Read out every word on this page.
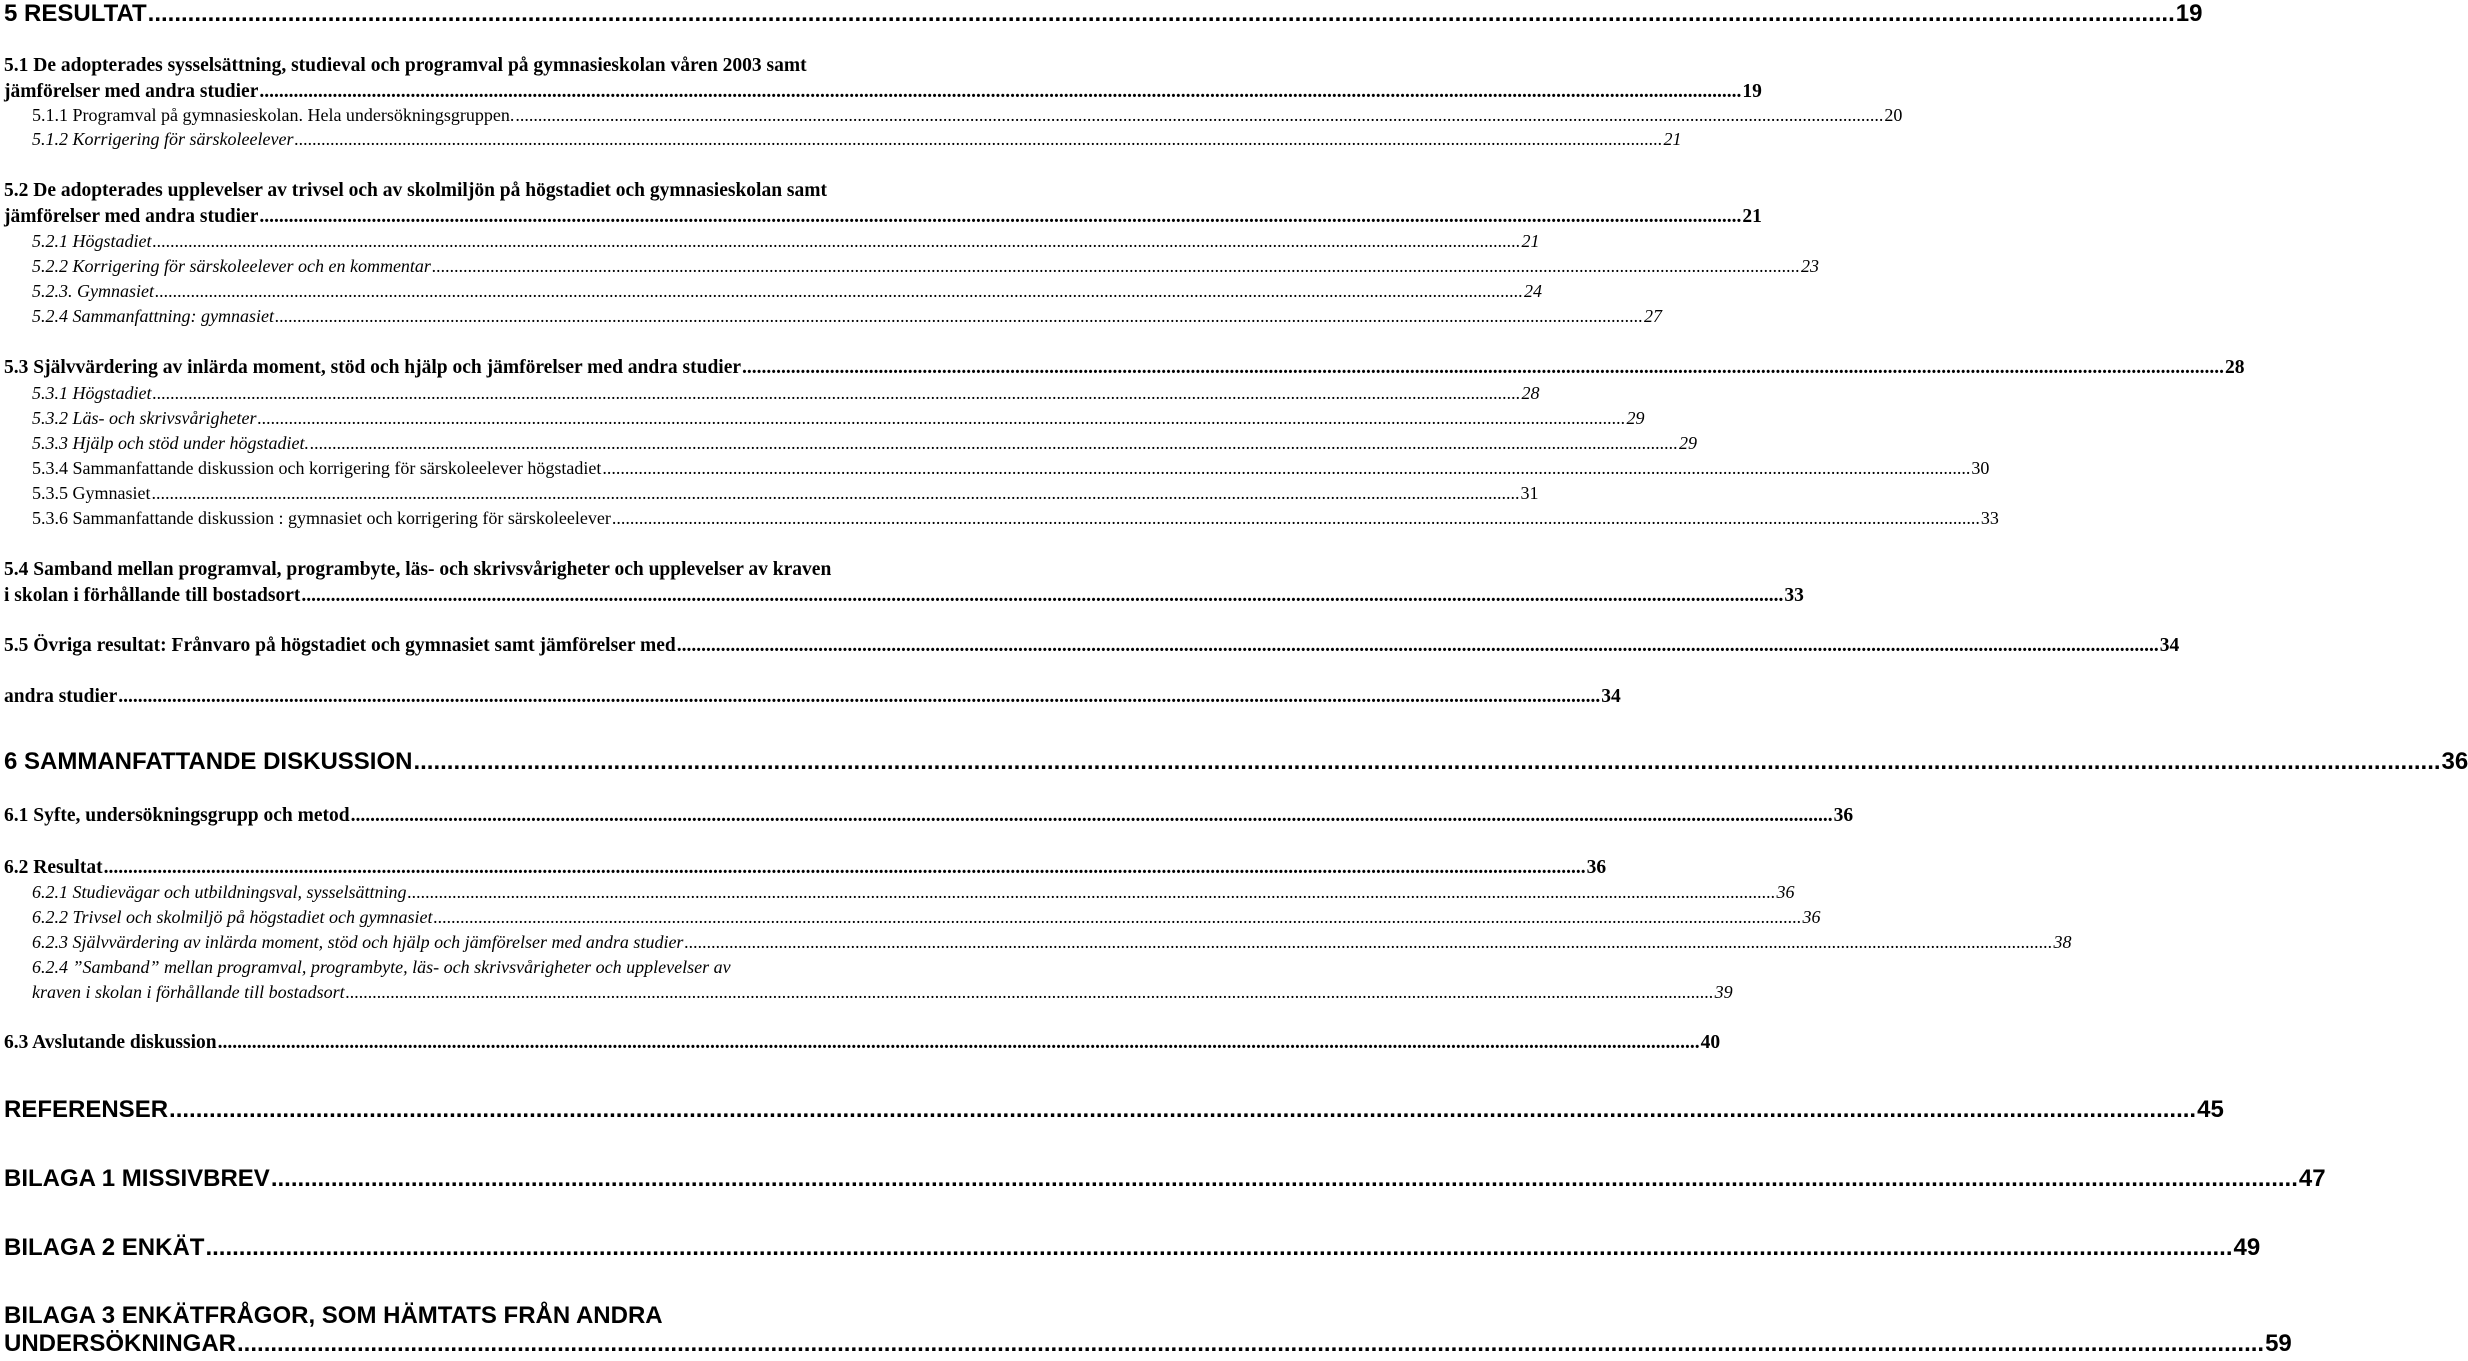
5 RESULTAT .....	19
5.1 De adopterades sysselsättning, studieval och programval på gymnasieskolan våren 2003 samt
jämförelser med andra studier .....	19
5.1.1 Programval på gymnasieskolan. Hela undersökningsgruppen. .....	20
5.1.2 Korrigering för särskoleelever .....	21
5.2 De adopterades upplevelser av trivsel och av skolmiljön på högstadiet och gymnasieskolan samt
jämförelser med andra studier .....	21
5.2.1 Högstadiet .....	21
5.2.2 Korrigering för särskoleelever och en kommentar .....	23
5.2.3. Gymnasiet .....	24
5.2.4 Sammanfattning: gymnasiet .....	27
5.3 Självvärdering av inlärda moment, stöd och hjälp och jämförelser med andra studier .....	28
5.3.1 Högstadiet .....	28
5.3.2 Läs- och skrivsvårigheter .....	29
5.3.3 Hjälp och stöd under högstadiet. .....	29
5.3.4 Sammanfattande diskussion och korrigering för särskoleelever högstadiet .....	30
5.3.5 Gymnasiet .....	31
5.3.6 Sammanfattande diskussion : gymnasiet och korrigering för särskoleelever .....	33
5.4 Samband mellan programval, programbyte, läs- och skrivsvårigheter och upplevelser av kraven
i skolan i förhållande till bostadsort .....	33
5.5 Övriga resultat: Frånvaro på högstadiet och gymnasiet samt jämförelser med .....	34
andra studier .....	34
6 SAMMANFATTANDE DISKUSSION .....	36
6.1 Syfte, undersökningsgrupp och metod .....	36
6.2 Resultat .....	36
6.2.1 Studievägar och utbildningsval, sysselsättning .....	36
6.2.2 Trivsel och skolmiljö på högstadiet och gymnasiet .....	36
6.2.3 Självvärdering av inlärda moment, stöd och hjälp och jämförelser med andra studier .....	38
6.2.4 ”Samband” mellan programval, programbyte, läs- och skrivsvårigheter och upplevelser av
kraven i skolan i förhållande till bostadsort .....	39
6.3 Avslutande diskussion .....	40
REFERENSER .....	45
BILAGA 1 MISSIVBREV .....	47
BILAGA 2 ENKÄT .....	49
BILAGA 3 ENKÄTFRÅGOR, SOM HÄMTATS FRÅN ANDRA
UNDERSÖKNINGAR .....	59
